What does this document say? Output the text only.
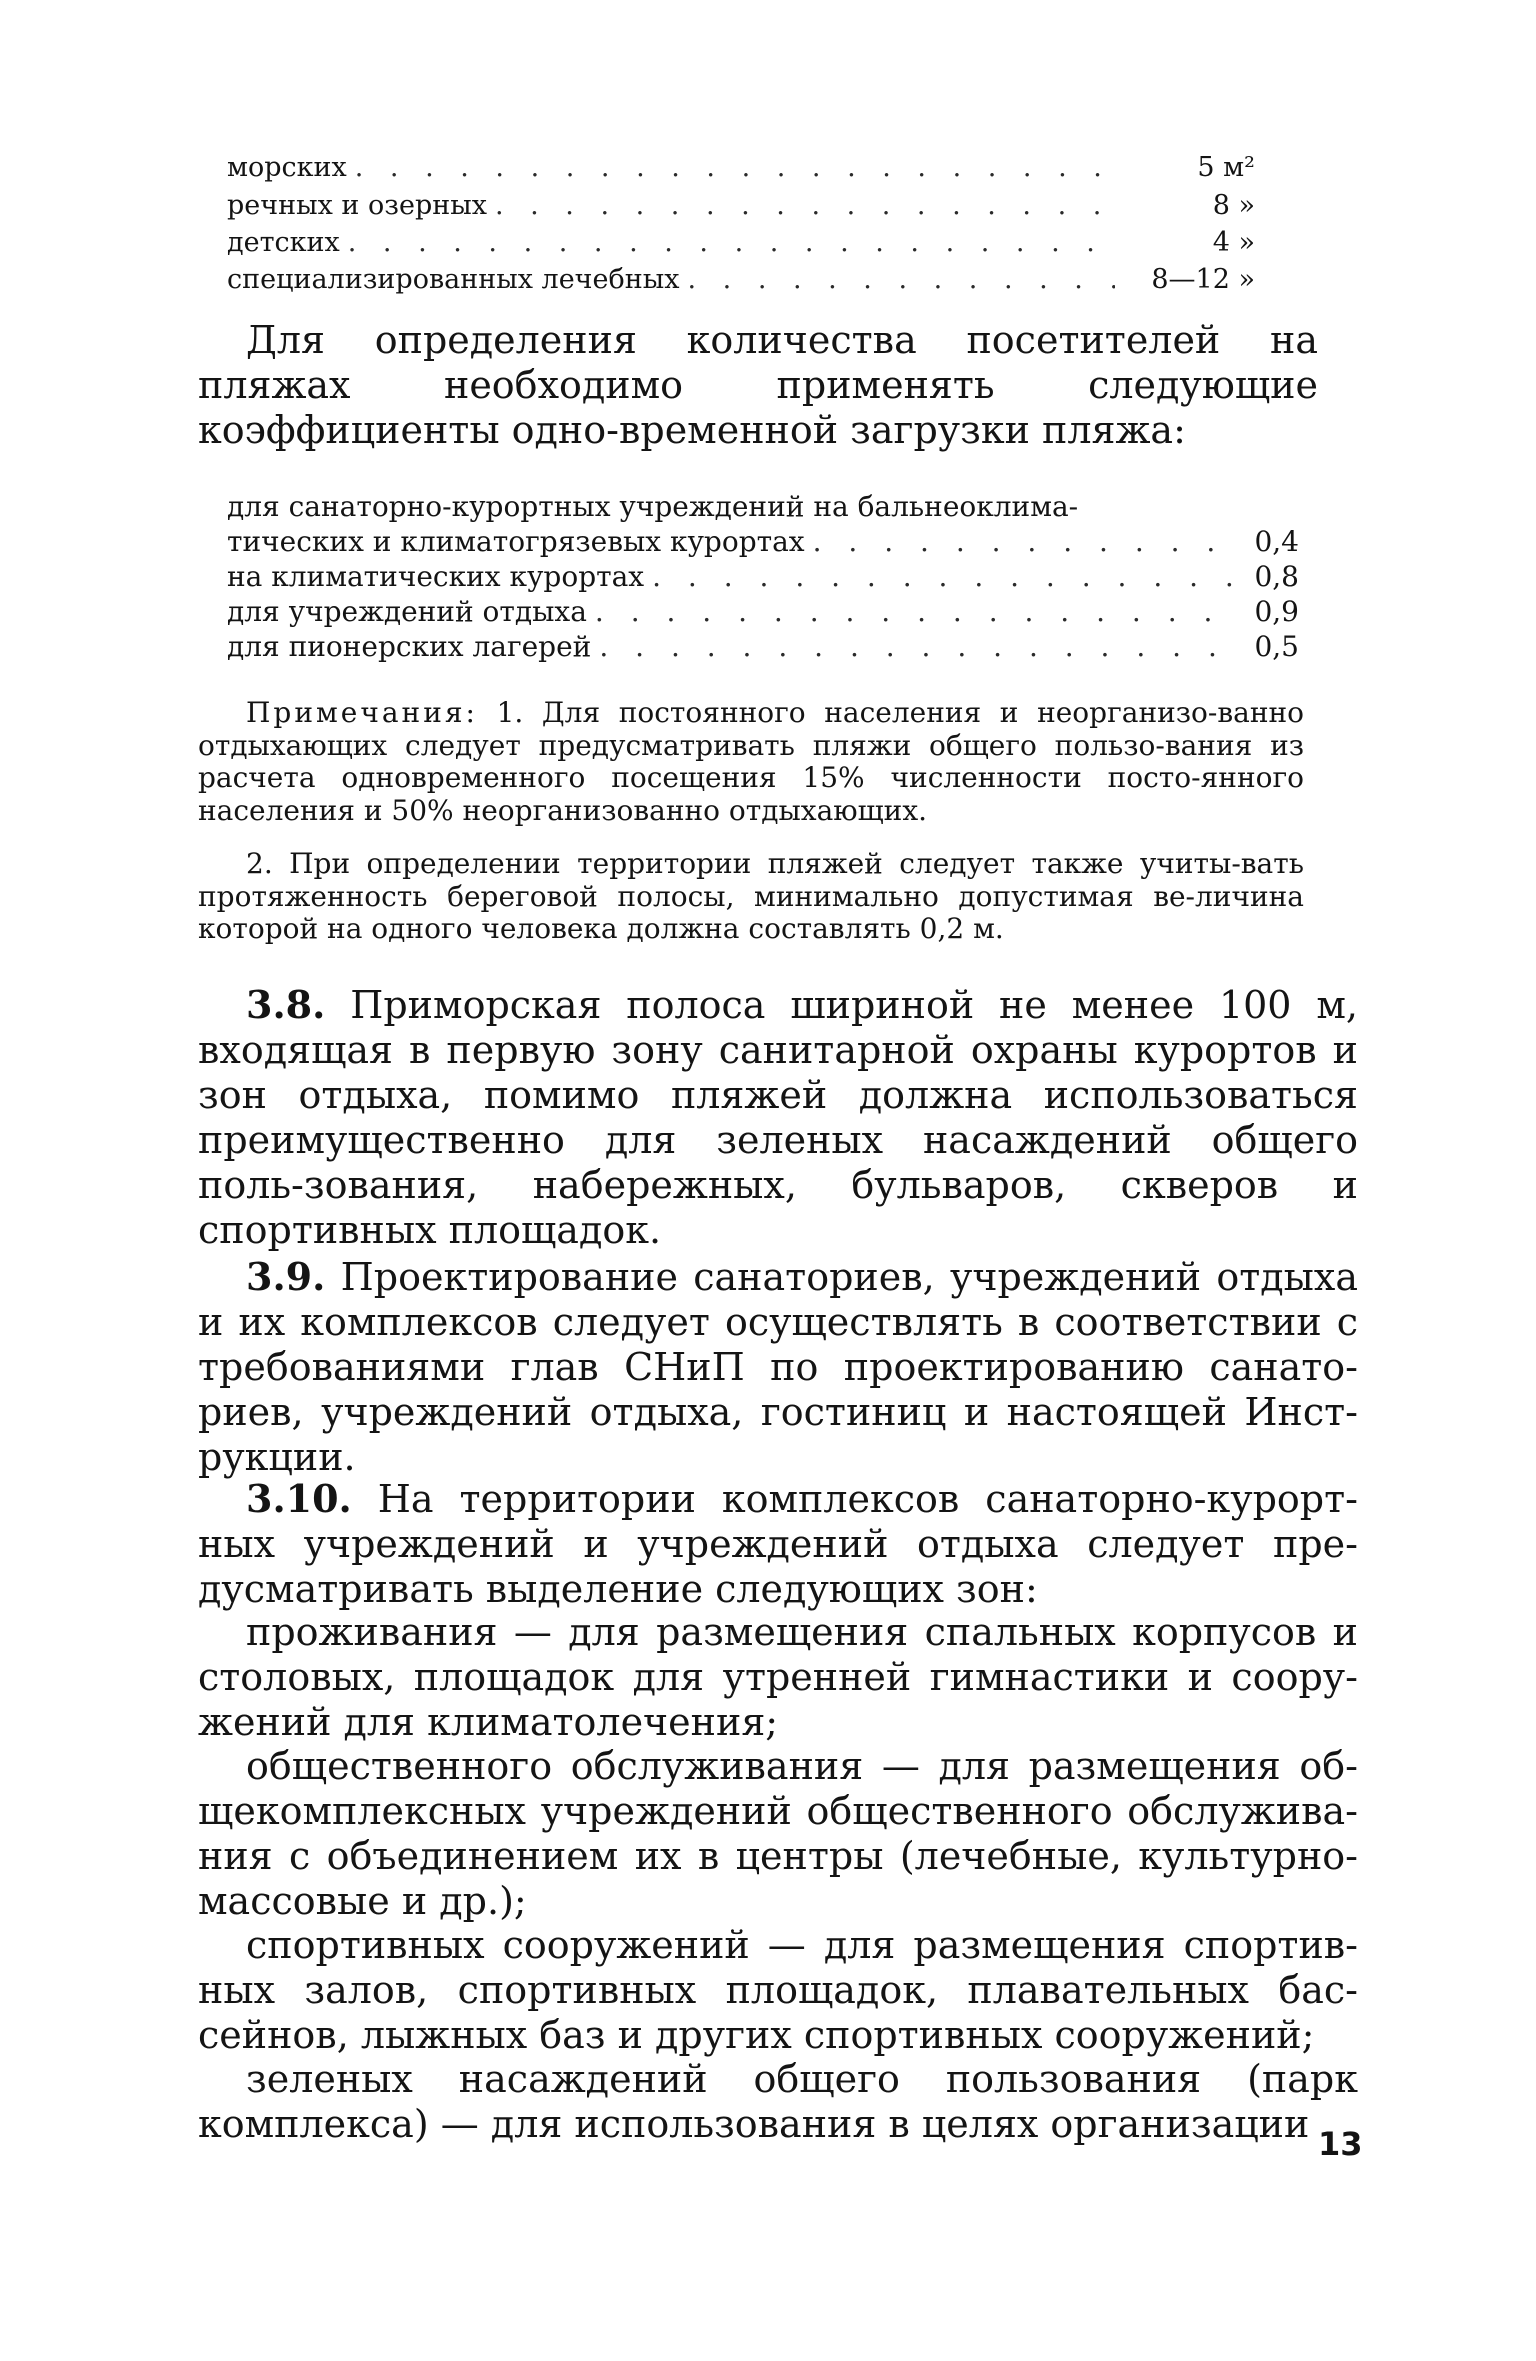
морских . . .	5 м²
речных и озерных . . .	8 »
детских . . .	4 »
специализированных лечебных . . .	8—12 »
Для определения количества посетителей на пляжах необходимо применять следующие коэффициенты одно-временной загрузки пляжа:
для санаторно-курортных учреждений на бальнеоклима-
тических и климатогрязевых курортах . . .	0,4
на климатических курортах . . .	0,8
для учреждений отдыха . . .	0,9
для пионерских лагерей . . .	0,5
Примечания: 1. Для постоянного населения и неорганизо-ванно отдыхающих следует предусматривать пляжи общего пользо-вания из расчета одновременного посещения 15% численности посто-янного населения и 50% неорганизованно отдыхающих.
2. При определении территории пляжей следует также учиты-вать протяженность береговой полосы, минимально допустимая ве-личина которой на одного человека должна составлять 0,2 м.
3.8. Приморская полоса шириной не менее 100 м, входящая в первую зону санитарной охраны курортов и зон отдыха, помимо пляжей должна использоваться преимущественно для зеленых насаждений общего поль-зования, набережных, бульваров, скверов и спортивных площадок.
3.9. Проектирование санаториев, учреждений отдыха и их комплексов следует осуществлять в соответствии с требованиями глав СНиП по проектированию санато-риев, учреждений отдыха, гостиниц и настоящей Инст-рукции.
3.10. На территории комплексов санаторно-курорт-ных учреждений и учреждений отдыха следует пре-дусматривать выделение следующих зон:
проживания — для размещения спальных корпусов и столовых, площадок для утренней гимнастики и соору-жений для климатолечения;
общественного обслуживания — для размещения об-щекомплексных учреждений общественного обслужива-ния с объединением их в центры (лечебные, культурно-массовые и др.);
спортивных сооружений — для размещения спортив-ных залов, спортивных площадок, плавательных бас-сейнов, лыжных баз и других спортивных сооружений;
зеленых насаждений общего пользования (парк комплекса) — для использования в целях организации 13
